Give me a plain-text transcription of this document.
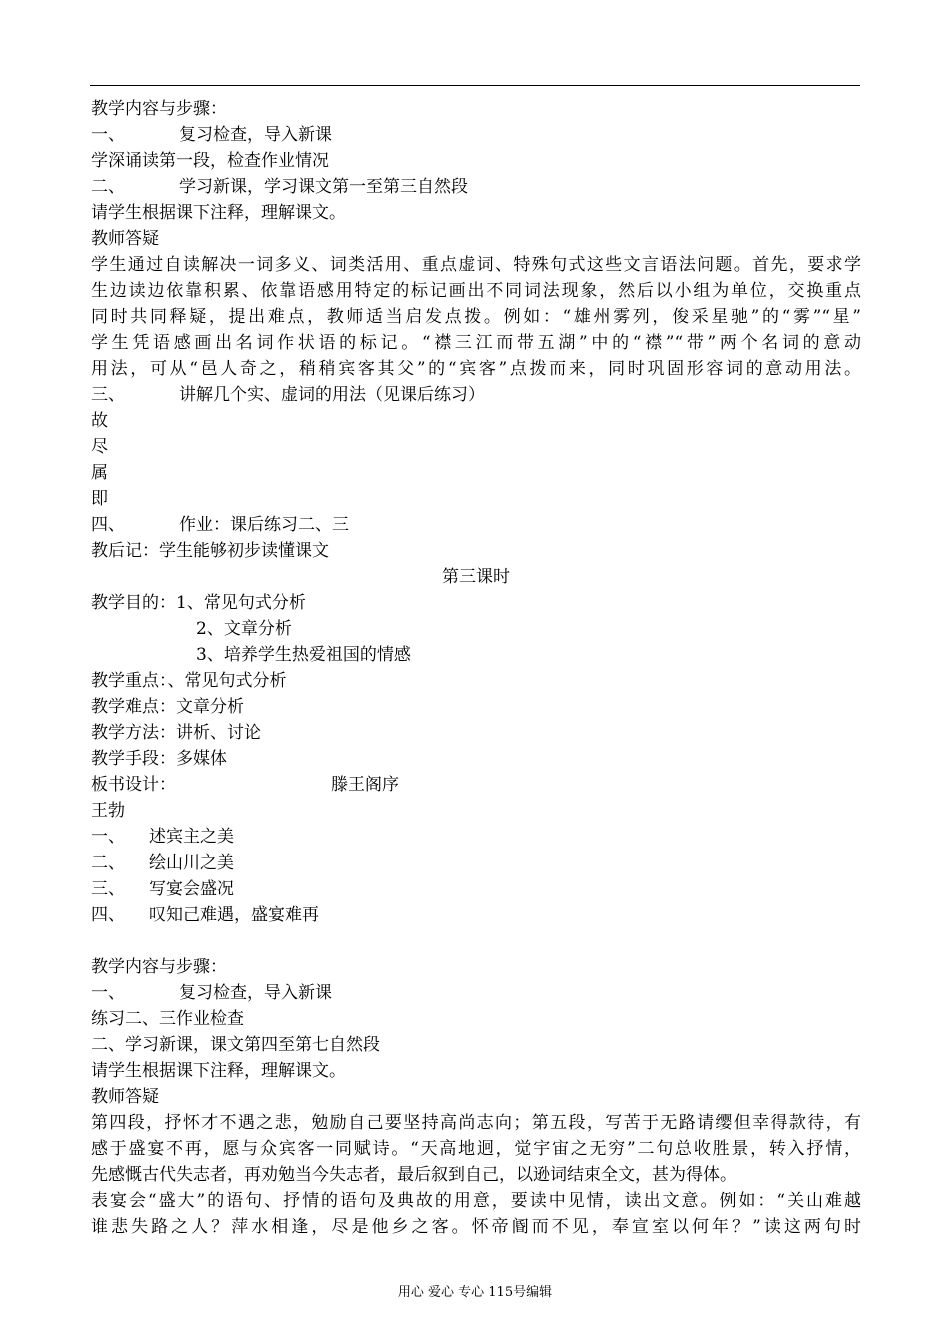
教学内容与步骤：
一、	复习检查，导入新课
学深诵读第一段，检查作业情况
二、	学习新课，学习课文第一至第三自然段
请学生根据课下注释，理解课文。
教师答疑
学生通过自读解决一词多义、词类活用、重点虚词、特殊句式这些文言语法问题。首先，要求学
生边读边依靠积累、依靠语感用特定的标记画出不同词法现象，然后以小组为单位，交换重点
同时共同释疑，提出难点，教师适当启发点拨。例如：“雄州雾列，俊采星驰”的“雾”“星”
学生凭语感画出名词作状语的标记。“襟三江而带五湖”中的“襟”“带”两个名词的意动
用法，可从“邑人奇之，稍稍宾客其父”的“宾客”点拨而来，同时巩固形容词的意动用法。
三、	讲解几个实、虚词的用法（见课后练习）
故
尽
属
即
四、	作业：课后练习二、三
教后记：学生能够初步读懂课文
第三课时
教学目的：1、常见句式分析
2、文章分析
3、培养学生热爱祖国的情感
教学重点：、常见句式分析
教学难点：文章分析
教学方法：讲析、讨论
教学手段：多媒体
板书设计：	滕王阁序
王勃
一、 述宾主之美
二、 绘山川之美
三、 写宴会盛况
四、 叹知己难遇，盛宴难再
教学内容与步骤：
一、	复习检查，导入新课
练习二、三作业检查
二、学习新课，课文第四至第七自然段
请学生根据课下注释，理解课文。
教师答疑
第四段，抒怀才不遇之悲，勉励自己要坚持高尚志向；第五段，写苦于无路请缨但幸得款待，有
感于盛宴不再，愿与众宾客一同赋诗。“天高地迥，觉宇宙之无穷”二句总收胜景，转入抒情，
先感慨古代失志者，再劝勉当今失志者，最后叙到自己，以逊词结束全文，甚为得体。
表宴会“盛大”的语句、抒情的语句及典故的用意，要读中见情，读出文意。例如：“关山难越
谁悲失路之人？萍水相逢，尽是他乡之客。怀帝阍而不见，奉宣室以何年？”读这两句时
用心 爱心 专心 115号编辑
